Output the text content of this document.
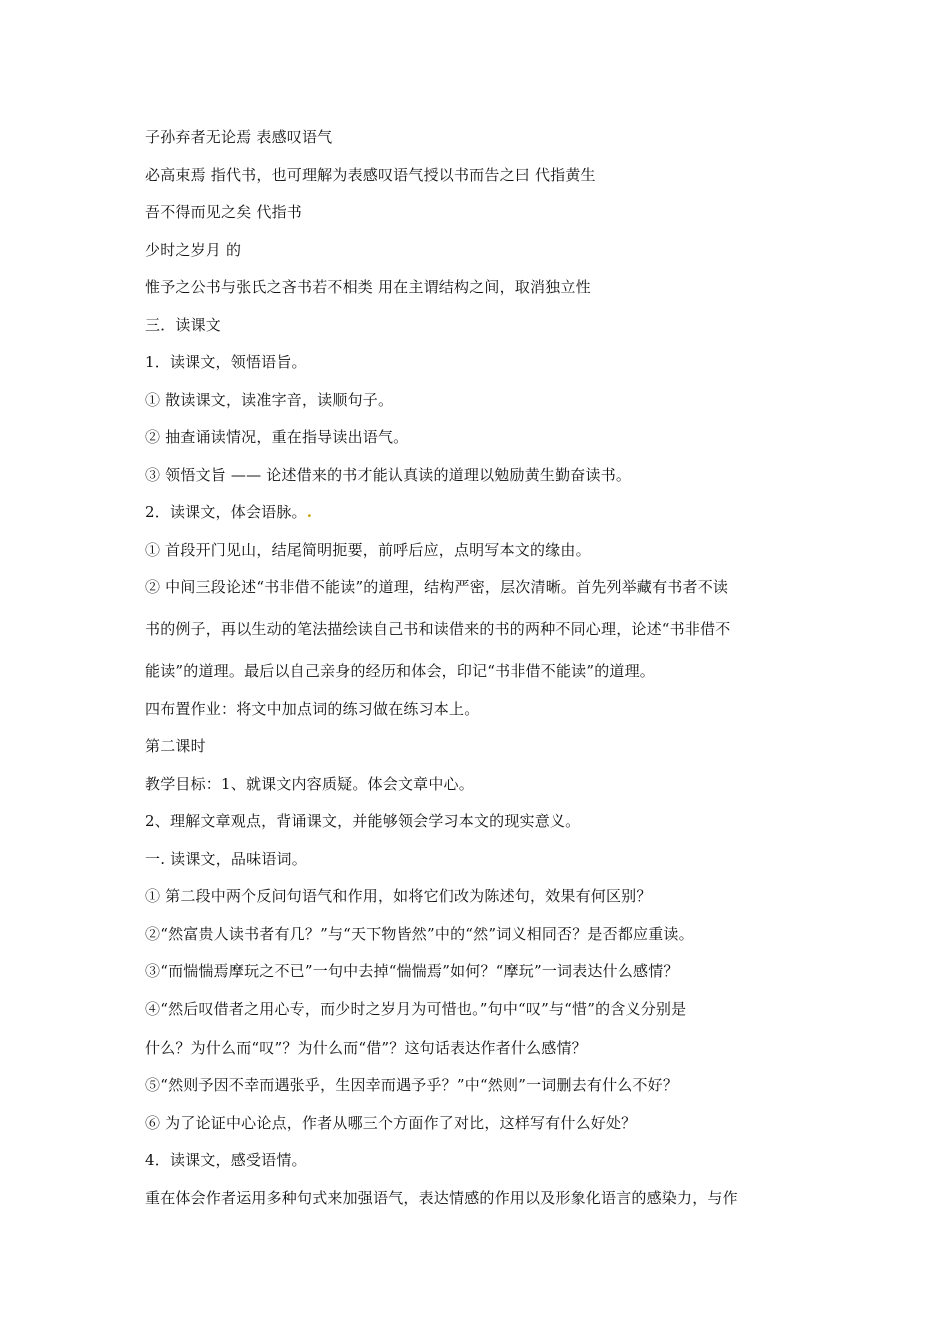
子孙弃者无论焉 表感叹语气
必高束焉 指代书，也可理解为表感叹语气授以书而告之曰 代指黄生
吾不得而见之矣 代指书
少时之岁月 的
惟予之公书与张氏之吝书若不相类 用在主谓结构之间，取消独立性
三．读课文
1．读课文，领悟语旨。
① 散读课文，读准字音，读顺句子。
② 抽查诵读情况，重在指导读出语气。
③ 领悟文旨 —— 论述借来的书才能认真读的道理以勉励黄生勤奋读书。
2．读课文，体会语脉。.
① 首段开门见山，结尾简明扼要，前呼后应，点明写本文的缘由。
② 中间三段论述“书非借不能读”的道理，结构严密，层次清晰。首先列举藏有书者不读
书的例子，再以生动的笔法描绘读自己书和读借来的书的两种不同心理，论述“书非借不
能读”的道理。最后以自己亲身的经历和体会，印记“书非借不能读”的道理。
四布置作业：将文中加点词的练习做在练习本上。
第二课时
教学目标：1、就课文内容质疑。体会文章中心。
2、理解文章观点，背诵课文，并能够领会学习本文的现实意义。
一. 读课文，品味语词。
① 第二段中两个反问句语气和作用，如将它们改为陈述句，效果有何区别？
②“然富贵人读书者有几？”与“天下物皆然”中的“然”词义相同否？是否都应重读。
③“而惴惴焉摩玩之不已”一句中去掉“惴惴焉”如何？“摩玩”一词表达什么感情？
④“然后叹借者之用心专，而少时之岁月为可惜也。”句中“叹”与“惜”的含义分别是
什么？为什么而“叹”？为什么而“借”？这句话表达作者什么感情？
⑤“然则予因不幸而遇张乎，生因幸而遇予乎？”中“然则”一词删去有什么不好？
⑥ 为了论证中心论点，作者从哪三个方面作了对比，这样写有什么好处？
4．读课文，感受语情。
重在体会作者运用多种句式来加强语气，表达情感的作用以及形象化语言的感染力，与作
